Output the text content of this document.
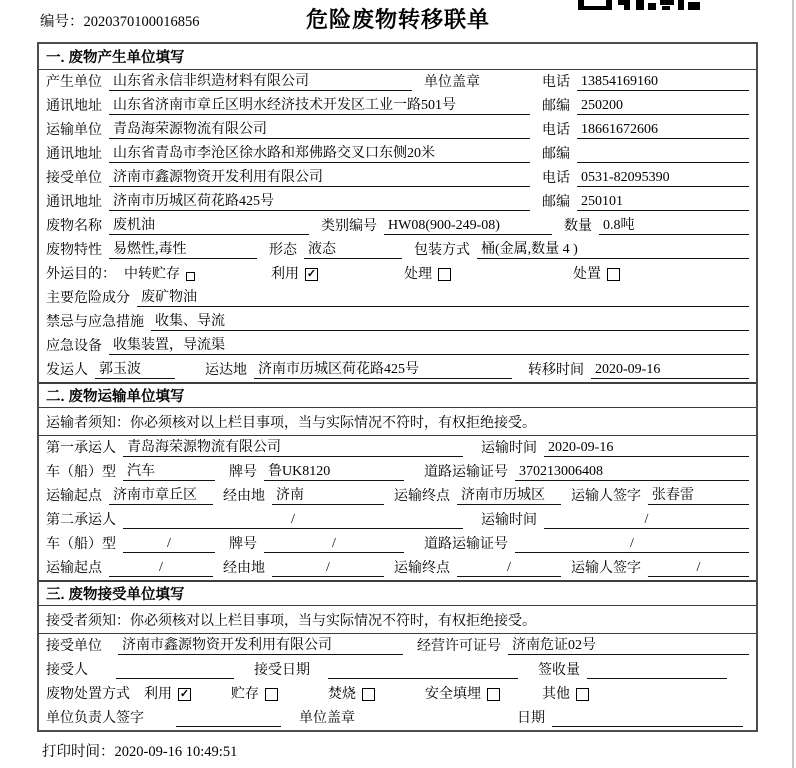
编号：2020370100016856	危险废物转移联单
一. 废物产生单位填写
产生单位 山东省永信非织造材料有限公司	单位盖章	电话 13854169160
通讯地址 山东省济南市章丘区明水经济技术开发区工业一路501号	邮编 250200
运输单位 青岛海荣源物流有限公司	电话 18661672606
通讯地址 山东省青岛市李沧区徐水路和郑佛路交叉口东侧20米	邮编
接受单位 济南市鑫源物资开发利用有限公司	电话 0531-82095390
通讯地址 济南市历城区荷花路425号	邮编 250101
废物名称 废机油	类别编号 HW08(900-249-08)	数量 0.8吨
废物特性 易燃性,毒性	形态 液态	包装方式 桶(金属,数量 4 )
外运目的： 中转贮存	利用 ✓	处理	处置
主要危险成分 废矿物油
禁忌与应急措施 收集、导流
应急设备 收集装置，导流渠
发运人 郭玉波	运达地 济南市历城区荷花路425号	转移时间 2020-09-16
二. 废物运输单位填写
运输者须知：你必须核对以上栏目事项，当与实际情况不符时，有权拒绝接受。
第一承运人 青岛海荣源物流有限公司	运输时间 2020-09-16
车（船）型 汽车	牌号 鲁UK8120	道路运输证号 370213006408
运输起点 济南市章丘区	经由地 济南	运输终点 济南市历城区	运输人签字 张春雷
第二承运人	/	运输时间	/
车（船）型	/	牌号	/	道路运输证号	/
运输起点	/	经由地	/	运输终点	/	运输人签字	/
三. 废物接受单位填写
接受者须知：你必须核对以上栏目事项，当与实际情况不符时，有权拒绝接受。
接受单位 济南市鑫源物资开发利用有限公司	经营许可证号 济南危证02号
接受人	接受日期	签收量
废物处置方式 利用 ✓	贮存	焚烧	安全填埋	其他
单位负责人签字	单位盖章	日期
打印时间：2020-09-16 10:49:51
